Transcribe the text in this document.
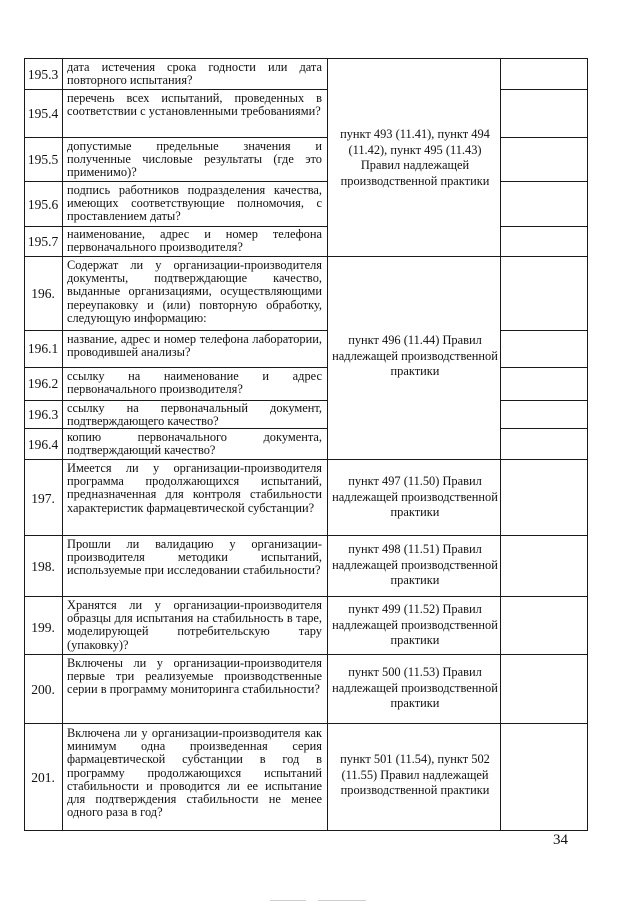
195.3
195.4
195.5
195.6
195.7
196.
196.1
196.2
196.3
196.4
197.
198.
199.
200.
201.
дата истечения срока годности или дата повторного испытания?
перечень всех испытаний, проведенных в соответствии с установленными требованиями?
допустимые предельные значения и полученные числовые результаты (где это применимо)?
подпись работников подразделения качества, имеющих соответствующие полномочия, с проставлением даты?
наименование, адрес и номер телефона первоначального производителя?
Содержат ли у организации-производителя документы, подтверждающие качество, выданные организациями, осуществляющими переупаковку и (или) повторную обработку, следующую информацию:
название, адрес и номер телефона лаборатории, проводившей анализы?
ссылку на наименование и адрес первоначального производителя?
ссылку на первоначальный документ, подтверждающего качество?
копию первоначального документа, подтверждающий качество?
Имеется ли у организации-производителя программа продолжающихся испытаний, предназначенная для контроля стабильности характеристик фармацевтической субстанции?
Прошли ли валидацию у организации-производителя методики испытаний, используемые при исследовании стабильности?
Хранятся ли у организации-производителя образцы для испытания на стабильность в таре, моделирующей потребительскую тару (упаковку)?
Включены ли у организации-производителя первые три реализуемые производственные серии в программу мониторинга стабильности?
Включена ли у организации-производителя как минимум одна произведенная серия фармацевтической субстанции в год в программу продолжающихся испытаний стабильности и проводится ли ее испытание для подтверждения стабильности не менее одного раза в год?
пункт 493 (11.41), пункт 494 (11.42), пункт 495 (11.43) Правил надлежащей производственной практики
пункт 496 (11.44) Правил надлежащей производственной практики
пункт 497 (11.50) Правил надлежащей производственной практики
пункт 498 (11.51) Правил надлежащей производственной практики
пункт 499 (11.52) Правил надлежащей производственной практики
пункт 500 (11.53) Правил надлежащей производственной практики
пункт 501 (11.54), пункт 502 (11.55) Правил надлежащей производственной практики
34
